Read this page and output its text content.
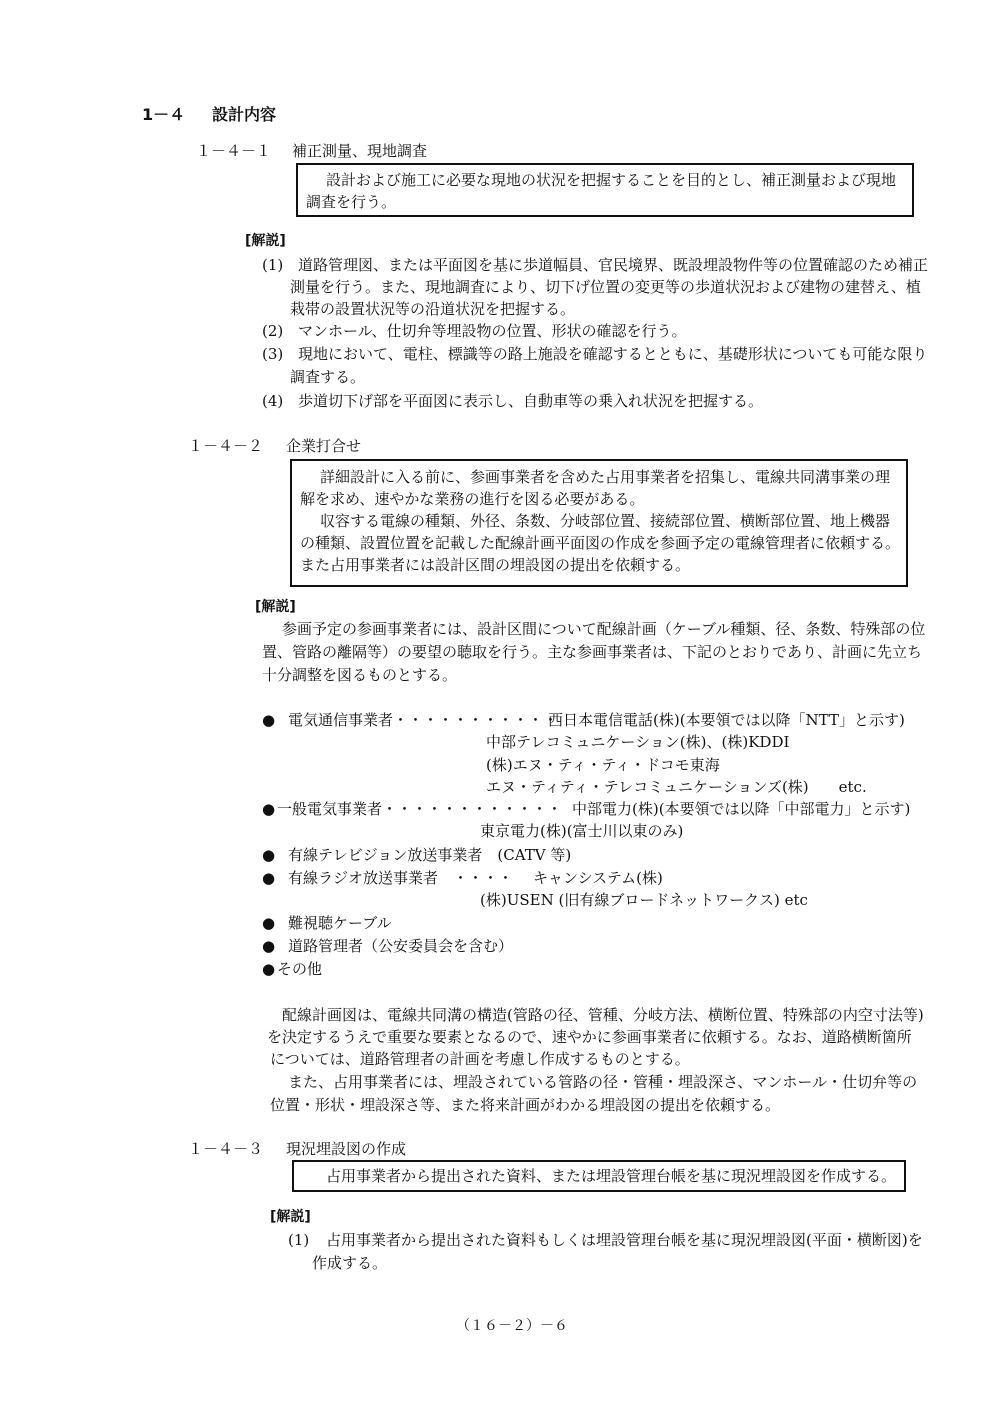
1－４ 設計内容
１－４－１ 補正測量、現地調査

設計および施工に必要な現地の状況を把握することを目的とし、補正測量および現地

調査を行う。

[解説]
(1) 道路管理図、または平面図を基に歩道幅員、官民境界、既設埋設物件等の位置確認のため補正
測量を行う。また、現地調査により、切下げ位置の変更等の歩道状況および建物の建替え、植
栽帯の設置状況等の沿道状況を把握する。
(2) マンホール、仕切弁等埋設物の位置、形状の確認を行う。
(3) 現地において、電柱、標識等の路上施設を確認するとともに、基礎形状についても可能な限り
調査する。
(4) 歩道切下げ部を平面図に表示し、自動車等の乗入れ状況を把握する。
１－４－２ 企業打合せ

詳細設計に入る前に、参画事業者を含めた占用事業者を招集し、電線共同溝事業の理

解を求め、速やかな業務の進行を図る必要がある。

収容する電線の種類、外径、条数、分岐部位置、接続部位置、横断部位置、地上機器

の種類、設置位置を記載した配線計画平面図の作成を参画予定の電線管理者に依頼する。

また占用事業者には設計区間の埋設図の提出を依頼する。

[解説]
参画予定の参画事業者には、設計区間について配線計画（ケーブル種類、径、条数、特殊部の位
置、管路の離隔等）の要望の聴取を行う。主な参画事業者は、下記のとおりであり、計画に先立ち
十分調整を図るものとする。
● 電気通信事業者・・・・・・・・・・・
西日本電信電話(株)(本要領では以降「NTT」と示す)
中部テレコミュニケーション(株)、(株)KDDI
(株)エヌ・ティ・ティ・ドコモ東海
エヌ・ティティ・テレコミュニケーションズ(株)　　etc.
● 一般電気事業者・・・・・・・・・・・・ 中部電力(株)(本要領では以降「中部電力」と示す)
東京電力(株)(富士川以東のみ)
● 有線テレビジョン放送事業者　(CATV 等)
● 有線ラジオ放送事業者　・・・・ キャンシステム(株)
(株)USEN (旧有線ブロードネットワークス) etc
● 難視聴ケーブル
● 道路管理者（公安委員会を含む）
● その他
配線計画図は、電線共同溝の構造(管路の径、管種、分岐方法、横断位置、特殊部の内空寸法等)
を決定するうえで重要な要素となるので、速やかに参画事業者に依頼する。なお、道路横断箇所
については、道路管理者の計画を考慮し作成するものとする。
また、占用事業者には、埋設されている管路の径・管種・埋設深さ、マンホール・仕切弁等の
位置・形状・埋設深さ等、また将来計画がわかる埋設図の提出を依頼する。
１－４－３ 現況埋設図の作成

占用事業者から提出された資料、または埋設管理台帳を基に現況埋設図を作成する。

[解説]
(1) 占用事業者から提出された資料もしくは埋設管理台帳を基に現況埋設図(平面・横断図)を
作成する。
（１６－２）－６
